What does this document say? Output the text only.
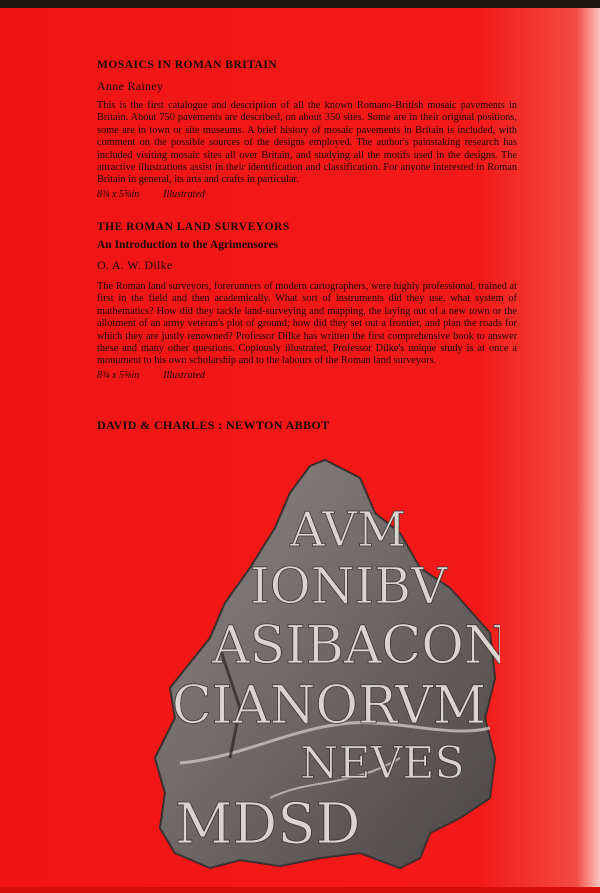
MOSAICS IN ROMAN BRITAIN

Anne Rainey

This is the first catalogue and description of all the known Romano-British mosaic pavements in Britain. About 750 pavements are described, on about 350 sites. Some are in their original positions, some are in town or site museums. A brief history of mosaic pavements in Britain is included, with comment on the possible sources of the designs employed. The author's painstaking research has included visiting mosaic sites all over Britain, and studying all the motifs used in the designs. The attractive illustrations assist in their identification and classification. For anyone interested in Roman Britain in general, its arts and crafts in particular.

8¾ x 5⅝in Illustrated

THE ROMAN LAND SURVEYORS

An Introduction to the Agrimensores

O. A. W. Dilke

The Roman land surveyors, forerunners of modern cartographers, were highly professional, trained at first in the field and then academically. What sort of instruments did they use, what system of mathematics? How did they tackle land-surveying and mapping, the laying out of a new town or the allotment of an army veteran's plot of ground; how did they set out a frontier, and plan the roads for which they are justly renowned? Professor Dilke has written the first comprehensive book to answer these and many other questions. Copiously illustrated, Professor Dilke's unique study is at once a monument to his own scholarship and to the labours of the Roman land surveyors.

8¾ x 5⅝in Illustrated

DAVID & CHARLES : NEWTON ABBOT
AVM
IONIBV
ASIBACON
CIANORVM
NEVES
MDSD
